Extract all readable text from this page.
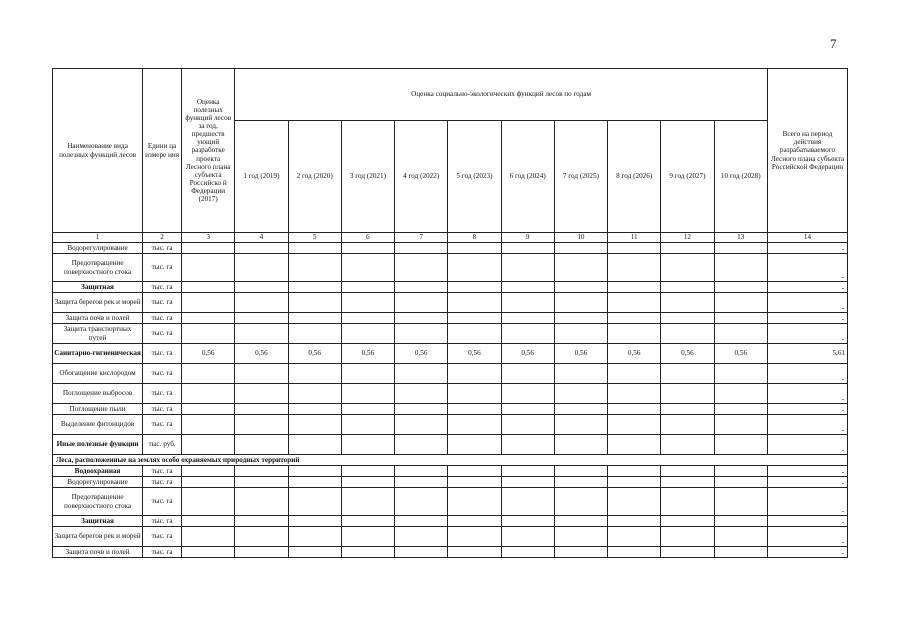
7
Наименование вида полезных функций лесов	Едини ца измере ния	Оценка полезных функций лесов за год, предшеств ующий разработке проекта Лесного плана субъекта Российско й Федерации (2017)	Оценка социально-экологических функций лесов по годам										Всего на период действия разрабатываемого Лесного плана субъекта Российской Федерации
			1 год (2019)	2 год (2020)	3 год (2021)	4 год (2022)	5 год (2023)	6 год (2024)	7 год (2025)	8 год (2026)	9 год (2027)	10 год (2028)	
1	2	3	4	5	6	7	8	9	10	11	12	13	14
Водорегулирование	тыс. га												-
Предотвращение поверхностного стока	тыс. га												-
Защитная	тыс. га												-
Защита берегов рек и морей	тыс. га												-
Защита почв и полей	тыс. га												-
Защита транспортных путей	тыс. га												-
Санитарно-гигиеническая	тыс. га	0,56	0,56	0,56	0,56	0,56	0,56	0,56	0,56	0,56	0,56	0,56	5,61
Обогащение кислородом	тыс. га												-
Поглощение выбросов	тыс. га												-
Поглощение пыли	тыс. га												-
Выделение фитонцидов	тыс. га												-
Иные полезные функции	тыс. руб.												-
Леса, расположенные на землях особо охраняемых природных территорий													
Водоохранная	тыс. га												-
Водорегулирование	тыс. га												-
Предотвращение поверхностного стока	тыс. га												-
Защитная	тыс. га												-
Защита берегов рек и морей	тыс. га												-
Защита почв и полей	тыс. га												-
